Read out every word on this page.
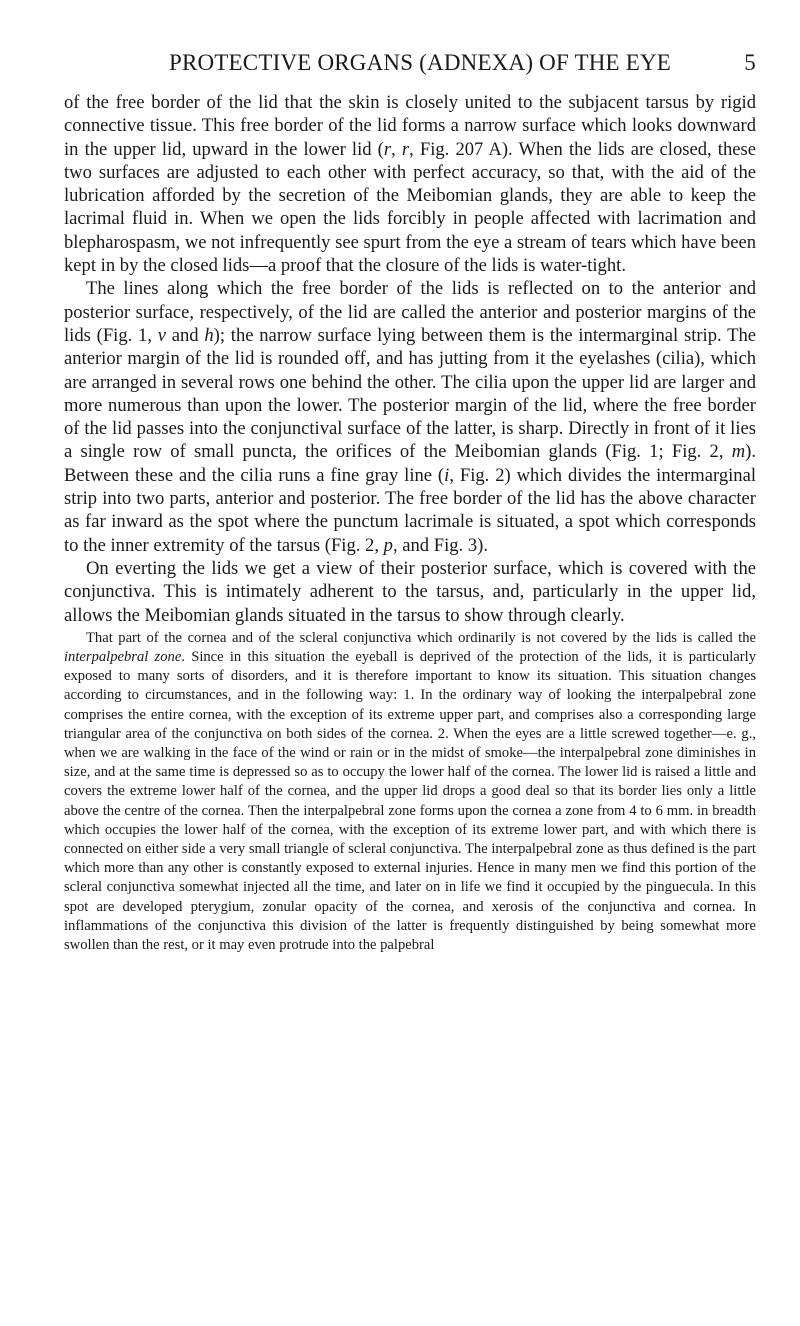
PROTECTIVE ORGANS (ADNEXA) OF THE EYE	5

of the free border of the lid that the skin is closely united to the subjacent tarsus by rigid connective tissue. This free border of the lid forms a narrow surface which looks downward in the upper lid, upward in the lower lid (r, r, Fig. 207 A). When the lids are closed, these two surfaces are adjusted to each other with perfect accuracy, so that, with the aid of the lubrication afforded by the secretion of the Meibomian glands, they are able to keep the lacrimal fluid in. When we open the lids forcibly in people affected with lacrimation and blepharospasm, we not infrequently see spurt from the eye a stream of tears which have been kept in by the closed lids—a proof that the closure of the lids is water-tight.

The lines along which the free border of the lids is reflected on to the anterior and posterior surface, respectively, of the lid are called the anterior and posterior margins of the lids (Fig. 1, v and h); the narrow surface lying between them is the intermarginal strip. The anterior margin of the lid is rounded off, and has jutting from it the eyelashes (cilia), which are arranged in several rows one behind the other. The cilia upon the upper lid are larger and more numerous than upon the lower. The posterior margin of the lid, where the free border of the lid passes into the conjunctival surface of the latter, is sharp. Directly in front of it lies a single row of small puncta, the orifices of the Meibomian glands (Fig. 1; Fig. 2, m). Between these and the cilia runs a fine gray line (i, Fig. 2) which divides the intermarginal strip into two parts, anterior and posterior. The free border of the lid has the above character as far inward as the spot where the punctum lacrimale is situated, a spot which corresponds to the inner extremity of the tarsus (Fig. 2, p, and Fig. 3).

On everting the lids we get a view of their posterior surface, which is covered with the conjunctiva. This is intimately adherent to the tarsus, and, particularly in the upper lid, allows the Meibomian glands situated in the tarsus to show through clearly.

That part of the cornea and of the scleral conjunctiva which ordinarily is not covered by the lids is called the interpalpebral zone. Since in this situation the eyeball is deprived of the protection of the lids, it is particularly exposed to many sorts of disorders, and it is therefore important to know its situation. This situation changes according to circumstances, and in the following way: 1. In the ordinary way of looking the interpalpebral zone comprises the entire cornea, with the exception of its extreme upper part, and comprises also a corresponding large triangular area of the conjunctiva on both sides of the cornea. 2. When the eyes are a little screwed together—e. g., when we are walking in the face of the wind or rain or in the midst of smoke—the interpalpebral zone diminishes in size, and at the same time is depressed so as to occupy the lower half of the cornea. The lower lid is raised a little and covers the extreme lower half of the cornea, and the upper lid drops a good deal so that its border lies only a little above the centre of the cornea. Then the interpalpebral zone forms upon the cornea a zone from 4 to 6 mm. in breadth which occupies the lower half of the cornea, with the exception of its extreme lower part, and with which there is connected on either side a very small triangle of scleral conjunctiva. The interpalpebral zone as thus defined is the part which more than any other is constantly exposed to external injuries. Hence in many men we find this portion of the scleral conjunctiva somewhat injected all the time, and later on in life we find it occupied by the pinguecula. In this spot are developed pterygium, zonular opacity of the cornea, and xerosis of the conjunctiva and cornea. In inflammations of the conjunctiva this division of the latter is frequently distinguished by being somewhat more swollen than the rest, or it may even protrude into the palpebral
